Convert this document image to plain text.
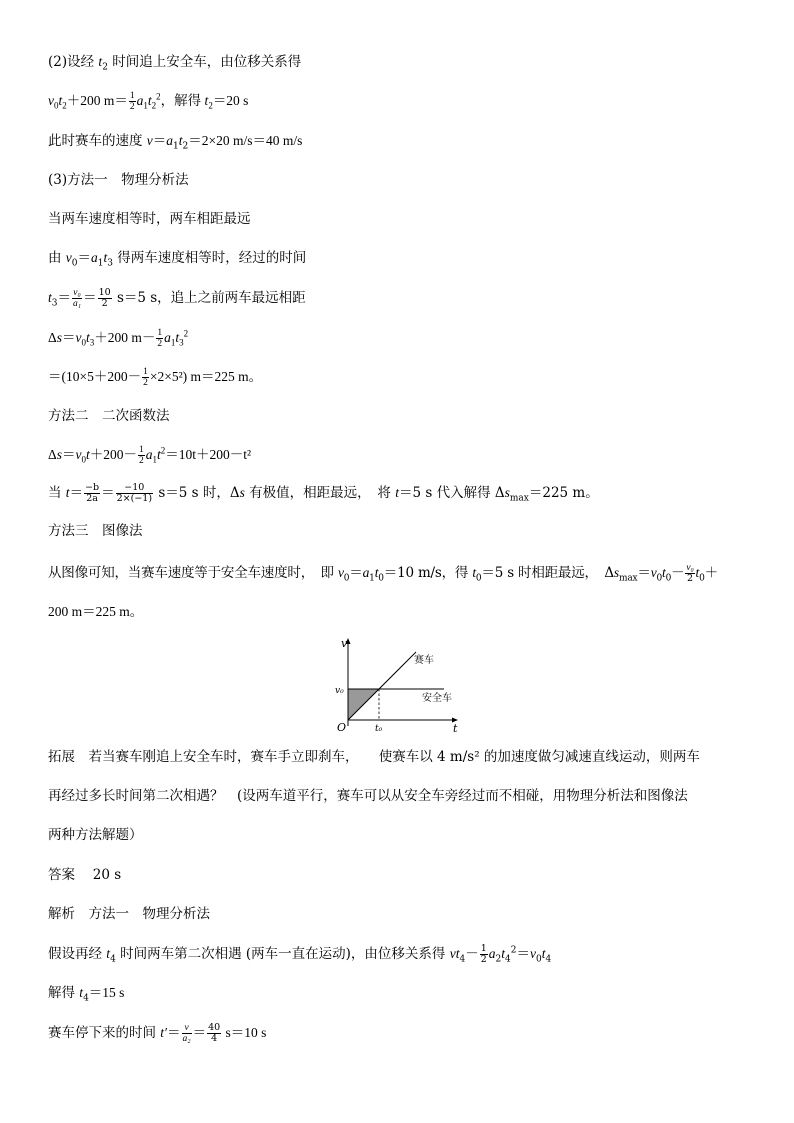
(2)设经 $t_2$ 时间追上安全车，由位移关系得
$v_0t_2+200$ $m= \frac{1}{2} a_1t_2^2$，解得 $t_2=20$ s
此时赛车的速度 $v=a_1t_2=2\times 20$ m/s＝40 m/s
(3)方法一　物理分析法
当两车速度相等时，两车相距最远
由 $v_0=a_1t_3$ 得两车速度相等时，经过的时间
$t_3= \frac{\text{v₀}}{\text{a₁}} = \frac{10}{2} s=5$ s，追上之前两车最远相距
$\Delta s=v_0t_3+200$ $m- \frac{1}{2} a_1t_3^2$
$=(10\times 5+200- \frac{1}{2} \times 2\times 5^2)$ m＝225 m。
方法二　二次函数法
$\Delta s=v_0t+200- \frac{1}{2} a_1t^2=10t+200-t^2$
当 $t= \frac{-b}{2a} = \frac{-10}{2\times(-1)} s=5$ s 时，Δs 有极值，相距最远，　将 t＝5 s 代入解得 $\Delta s_{max}=225$ m。
方法三　图像法
从图像可知，当赛车速度等于安全车速度时，　即 $v_0=a_1t_0=10$ m/s，得 $t_0=5$ s 时相距最远，　$\Delta s_{max}=v_0t_0- \frac{\text{v₀}}{2} t_0+$
200 m＝225 m。
v
t
O
v₀
t₀
赛车
安全车
拓展　若当赛车刚追上安全车时，赛车手立即刹车，　　使赛车以 4 m/s² 的加速度做匀减速直线运动，则两车
再经过多长时间第二次相遇？　(设两车道平行，赛车可以从安全车旁经过而不相碰，用物理分析法和图像法
两种方法解题）
答案　 20 s
解析　方法一　物理分析法
假设再经 $t_4$ 时间两车第二次相遇 (两车一直在运动)，由位移关系得 $vt_4- \frac{1}{2} a_2t_4^2=v_0t_4$
解得 $t_4=15$ s
赛车停下来的时间 $t'= \frac{v}{\text{a₂}} = \frac{40}{4} s=10$ s
